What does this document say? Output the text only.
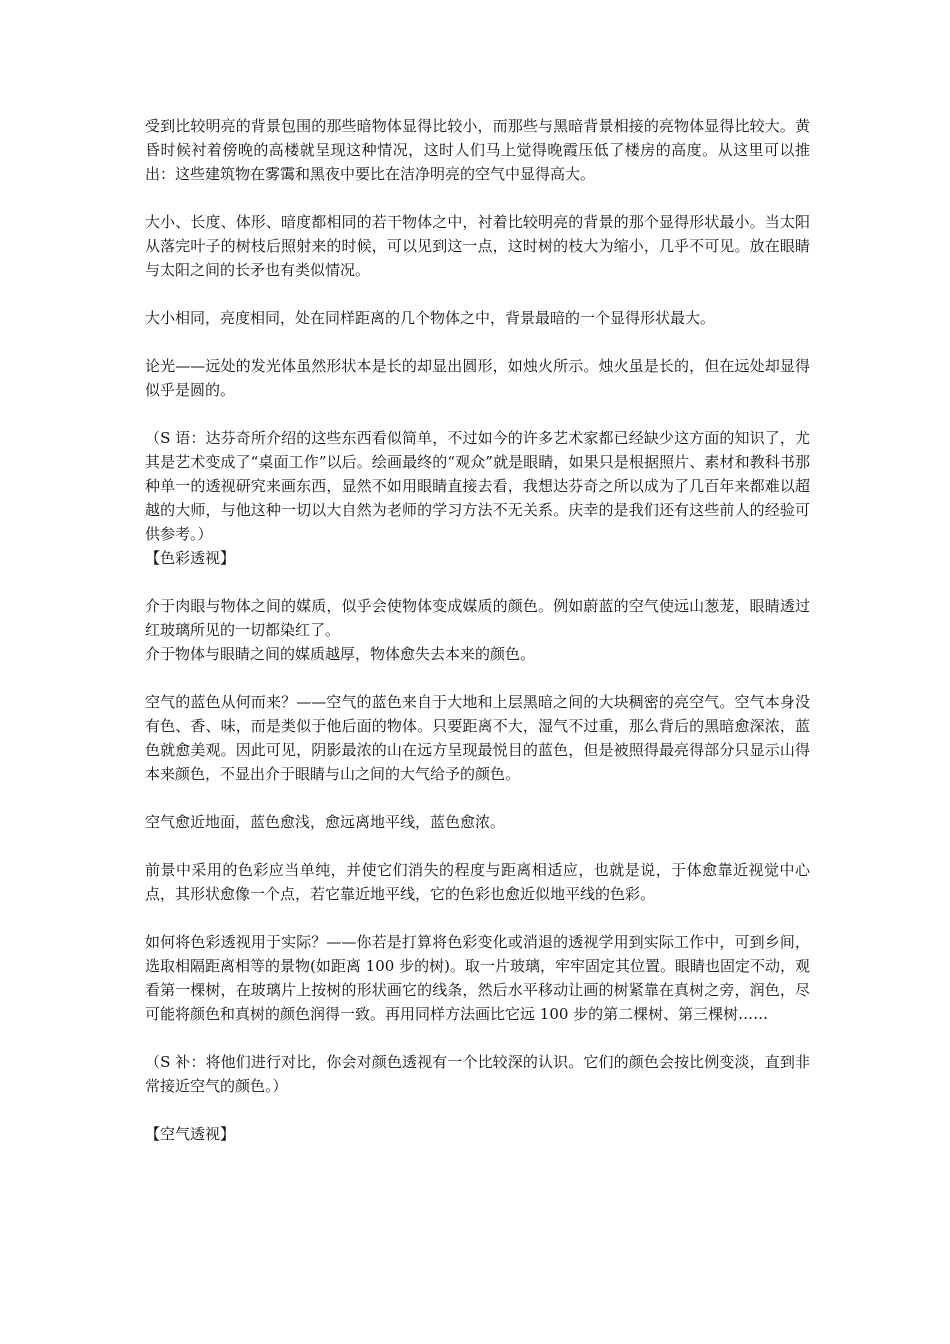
受到比较明亮的背景包围的那些暗物体显得比较小，而那些与黑暗背景相接的亮物体显得比较大。黄昏时候衬着傍晚的高楼就呈现这种情况，这时人们马上觉得晚霞压低了楼房的高度。从这里可以推出：这些建筑物在雾霭和黑夜中要比在洁净明亮的空气中显得高大。

大小、长度、体形、暗度都相同的若干物体之中，衬着比较明亮的背景的那个显得形状最小。当太阳从落完叶子的树枝后照射来的时候，可以见到这一点，这时树的枝大为缩小，几乎不可见。放在眼睛与太阳之间的长矛也有类似情况。

大小相同，亮度相同，处在同样距离的几个物体之中，背景最暗的一个显得形状最大。

论光——远处的发光体虽然形状本是长的却显出圆形，如烛火所示。烛火虽是长的，但在远处却显得似乎是圆的。

（S 语：达芬奇所介绍的这些东西看似简单，不过如今的许多艺术家都已经缺少这方面的知识了，尤其是艺术变成了“桌面工作”以后。绘画最终的“观众”就是眼睛，如果只是根据照片、素材和教科书那种单一的透视研究来画东西，显然不如用眼睛直接去看，我想达芬奇之所以成为了几百年来都难以超越的大师，与他这种一切以大自然为老师的学习方法不无关系。庆幸的是我们还有这些前人的经验可供参考。）

【色彩透视】

介于肉眼与物体之间的媒质，似乎会使物体变成媒质的颜色。例如蔚蓝的空气使远山葱茏，眼睛透过红玻璃所见的一切都染红了。

介于物体与眼睛之间的媒质越厚，物体愈失去本来的颜色。

空气的蓝色从何而来？——空气的蓝色来自于大地和上层黑暗之间的大块稠密的亮空气。空气本身没有色、香、味，而是类似于他后面的物体。只要距离不大，湿气不过重，那么背后的黑暗愈深浓，蓝色就愈美观。因此可见，阴影最浓的山在远方呈现最悦目的蓝色，但是被照得最亮得部分只显示山得本来颜色，不显出介于眼睛与山之间的大气给予的颜色。

空气愈近地面，蓝色愈浅，愈远离地平线，蓝色愈浓。

前景中采用的色彩应当单纯，并使它们消失的程度与距离相适应，也就是说，于体愈靠近视觉中心点，其形状愈像一个点，若它靠近地平线，它的色彩也愈近似地平线的色彩。

如何将色彩透视用于实际？——你若是打算将色彩变化或消退的透视学用到实际工作中，可到乡间，选取相隔距离相等的景物(如距离 100 步的树)。取一片玻璃，牢牢固定其位置。眼睛也固定不动，观看第一棵树，在玻璃片上按树的形状画它的线条，然后水平移动让画的树紧靠在真树之旁，润色，尽可能将颜色和真树的颜色润得一致。再用同样方法画比它远 100 步的第二棵树、第三棵树……

（S 补：将他们进行对比，你会对颜色透视有一个比较深的认识。它们的颜色会按比例变淡，直到非常接近空气的颜色。）

【空气透视】
